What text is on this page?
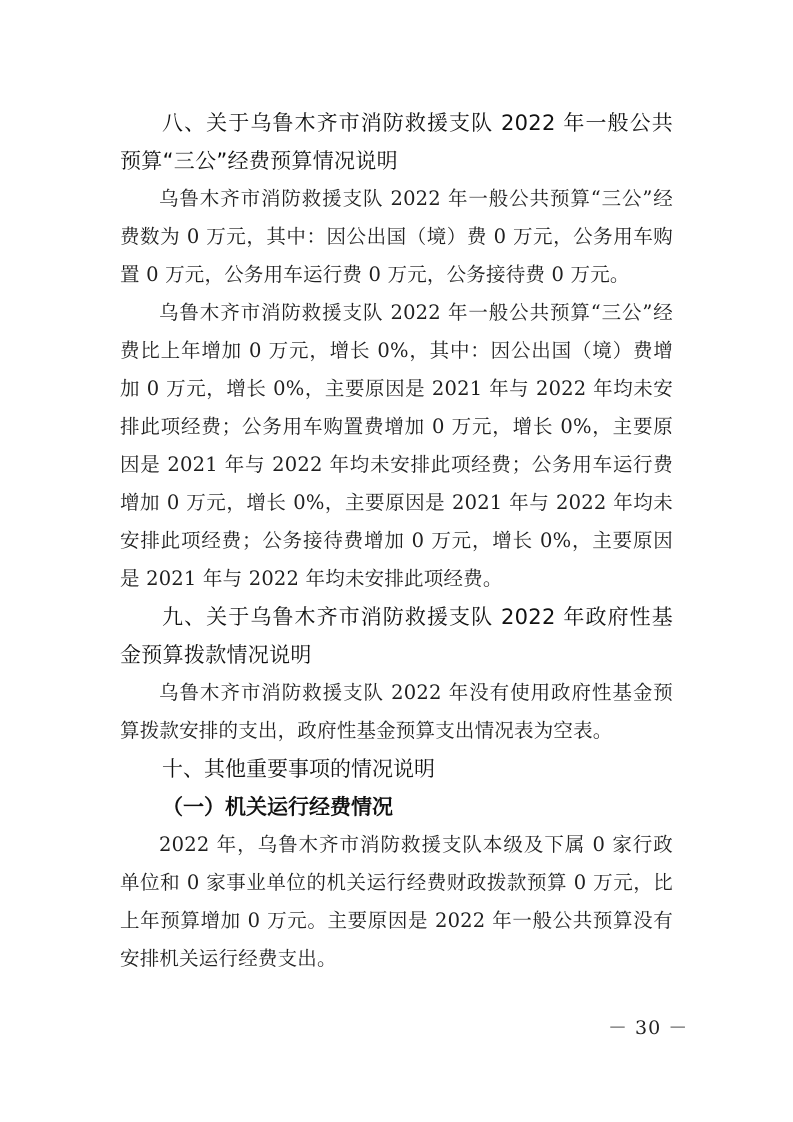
八、关于乌鲁木齐市消防救援支队 2022 年一般公共预算“三公”经费预算情况说明

乌鲁木齐市消防救援支队 2022 年一般公共预算“三公”经费数为 0 万元，其中：因公出国（境）费 0 万元，公务用车购置 0 万元，公务用车运行费 0 万元，公务接待费 0 万元。

乌鲁木齐市消防救援支队 2022 年一般公共预算“三公”经费比上年增加 0 万元，增长 0%，其中：因公出国（境）费增加 0 万元，增长 0%，主要原因是 2021 年与 2022 年均未安排此项经费；公务用车购置费增加 0 万元，增长 0%，主要原因是 2021 年与 2022 年均未安排此项经费；公务用车运行费增加 0 万元，增长 0%，主要原因是 2021 年与 2022 年均未安排此项经费；公务接待费增加 0 万元，增长 0%，主要原因是 2021 年与 2022 年均未安排此项经费。

九、关于乌鲁木齐市消防救援支队 2022 年政府性基金预算拨款情况说明

乌鲁木齐市消防救援支队 2022 年没有使用政府性基金预算拨款安排的支出，政府性基金预算支出情况表为空表。

十、其他重要事项的情况说明

（一）机关运行经费情况

2022 年，乌鲁木齐市消防救援支队本级及下属 0 家行政单位和 0 家事业单位的机关运行经费财政拨款预算 0 万元，比上年预算增加 0 万元。主要原因是 2022 年一般公共预算没有安排机关运行经费支出。

－ 30 －
